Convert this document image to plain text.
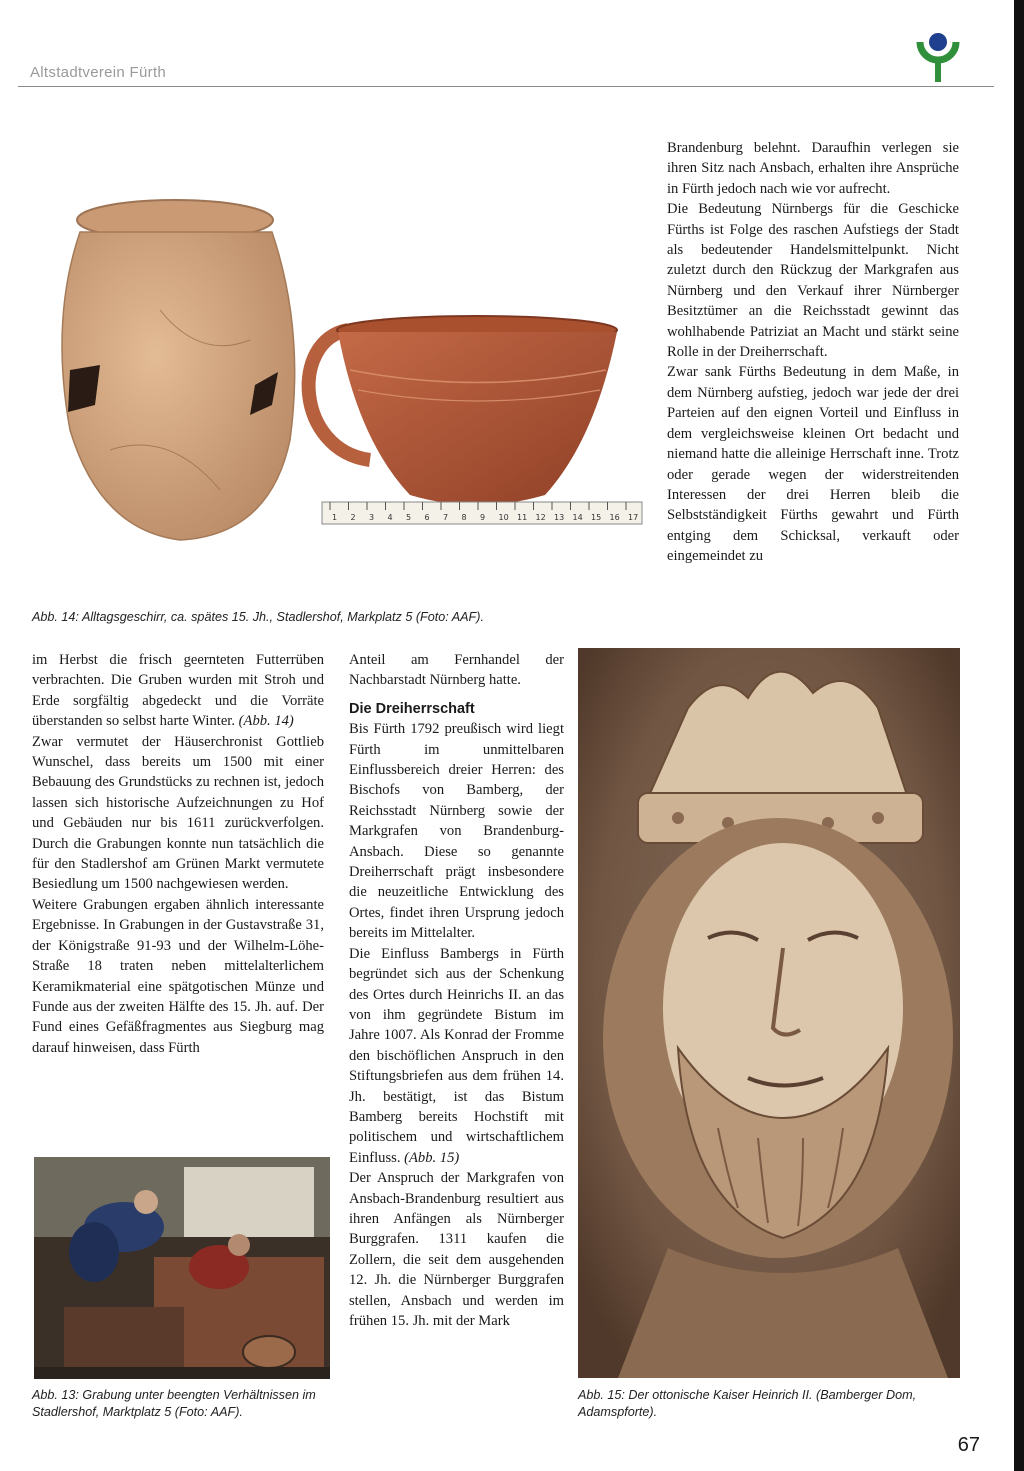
Altstadtverein Fürth
1 2 3 4 5 6 7 8 9 10 11 12 13 14 15 16 17
Abb. 14: Alltagsgeschirr, ca. spätes 15. Jh., Stadlershof, Markplatz 5 (Foto: AAF).

Brandenburg belehnt. Daraufhin verlegen sie ihren Sitz nach Ansbach, erhalten ihre Ansprüche in Fürth jedoch nach wie vor aufrecht.

Die Bedeutung Nürnbergs für die Geschicke Fürths ist Folge des raschen Aufstiegs der Stadt als bedeutender Handelsmittelpunkt. Nicht zuletzt durch den Rückzug der Markgrafen aus Nürnberg und den Verkauf ihrer Nürnberger Besitztümer an die Reichsstadt gewinnt das wohlhabende Patriziat an Macht und stärkt seine Rolle in der Dreiherrschaft.

Zwar sank Fürths Bedeutung in dem Maße, in dem Nürnberg aufstieg, jedoch war jede der drei Parteien auf den eignen Vorteil und Einfluss in dem vergleichsweise kleinen Ort bedacht und niemand hatte die alleinige Herrschaft inne. Trotz oder gerade wegen der widerstreitenden Interessen der drei Herren bleib die Selbstständigkeit Fürths gewahrt und Fürth entging dem Schicksal, verkauft oder eingemeindet zu

im Herbst die frisch geernteten Futterrüben verbrachten. Die Gruben wurden mit Stroh und Erde sorgfältig abgedeckt und die Vorräte überstanden so selbst harte Winter. (Abb. 14)

Zwar vermutet der Häuserchronist Gottlieb Wunschel, dass bereits um 1500 mit einer Bebauung des Grundstücks zu rechnen ist, jedoch lassen sich historische Aufzeichnungen zu Hof und Gebäuden nur bis 1611 zurückverfolgen. Durch die Grabungen konnte nun tatsächlich die für den Stadlershof am Grünen Markt vermutete Besiedlung um 1500 nachgewiesen werden.

Weitere Grabungen ergaben ähnlich interessante Ergebnisse. In Grabungen in der Gustavstraße 31, der Königstraße 91-93 und der Wilhelm-Löhe-Straße 18 traten neben mittelalterlichem Keramikmaterial eine spätgotischen Münze und Funde aus der zweiten Hälfte des 15. Jh. auf. Der Fund eines Gefäßfragmentes aus Siegburg mag darauf hinweisen, dass Fürth

Abb. 13: Grabung unter beengten Verhältnissen im Stadlershof, Marktplatz 5 (Foto: AAF).

Anteil am Fernhandel der Nachbarstadt Nürnberg hatte.

Die Dreiherrschaft

Bis Fürth 1792 preußisch wird liegt Fürth im unmittelbaren Einflussbereich dreier Herren: des Bischofs von Bamberg, der Reichsstadt Nürnberg sowie der Markgrafen von Brandenburg-Ansbach. Diese so genannte Dreiherrschaft prägt insbesondere die neuzeitliche Entwicklung des Ortes, findet ihren Ursprung jedoch bereits im Mittelalter.

Die Einfluss Bambergs in Fürth begründet sich aus der Schenkung des Ortes durch Heinrichs II. an das von ihm gegründete Bistum im Jahre 1007. Als Konrad der Fromme den bischöflichen Anspruch in den Stiftungsbriefen aus dem frühen 14. Jh. bestätigt, ist das Bistum Bamberg bereits Hochstift mit politischem und wirtschaftlichem Einfluss. (Abb. 15)

Der Anspruch der Markgrafen von Ansbach-Brandenburg resultiert aus ihren Anfängen als Nürnberger Burggrafen. 1311 kaufen die Zollern, die seit dem ausgehenden 12. Jh. die Nürnberger Burggrafen stellen, Ansbach und werden im frühen 15. Jh. mit der Mark

Abb. 15: Der ottonische Kaiser Heinrich II. (Bamberger Dom, Adamspforte).
67
